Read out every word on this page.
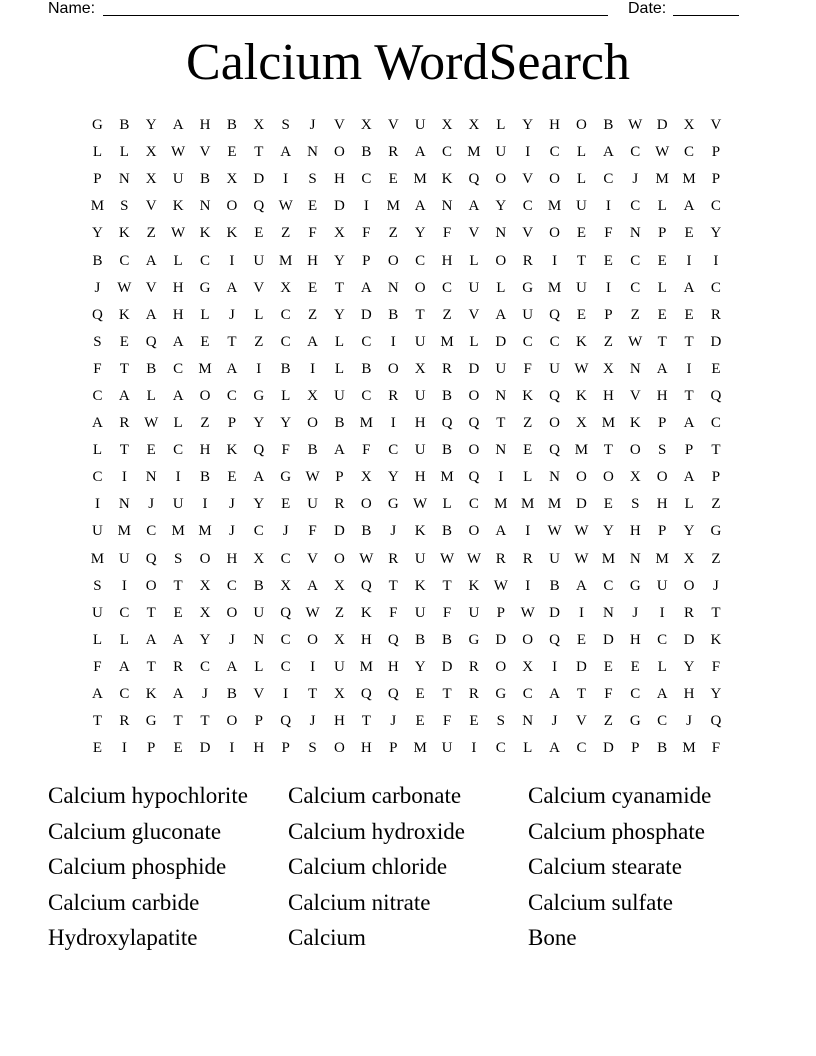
Name:	Date:
Calcium WordSearch
G	B	Y	A	H	B	X	S	J	V	X	V	U	X	X	L	Y	H	O	B W D	X	V
L	L	X W V	E	T	A	N	O	B	R	A	C	M U	I	C	L	A	C W C	P
P	N	X	U	B	X	D	I	S	H	C	E	M K	Q	O	V	O	L	C	J	M M	P
M	S	V	K	N	O	Q W	E	D	I	M A	N	A	Y	C	M U	I	C	L	A	C
Y	K	Z	W K	K	E	Z	F	X	F	Z	Y	F	V	N	V	O	E	F	N	P	E	Y
B	C	A	L	C	I	U M H	Y	P	O	C	H	L	O	R	I	T	E	C	E	I	I
J	W V	H	G	A	V	X	E	T	A	N	O	C	U	L	G M U	I	C	L	A	C
Q	K	A	H	L	J	L	C	Z	Y	D	B	T	Z	V	A	U	Q	E	P	Z	E	E	R
S	E	Q	A	E	T	Z	C	A	L	C	I	U M	L	D	C	C	K	Z	W	T	T	D
F	T	B	C	M A	I	B	I	L	B	O	X	R	D	U	F	U W X	N	A	I	E
C	A	L	A	O	C	G	L	X	U	C	R	U	B	O	N	K	Q	K	H	V	H	T	Q
A	R W	L	Z	P	Y	Y	O	B	M	I	H	Q	Q	T	Z	O	X M K	P	A	C
L	T	E	C	H	K	Q	F	B	A	F	C	U	B	O	N	E	Q M	T	O	S	P	T
C	I	N	I	B	E	A	G W	P	X	Y	H M Q	I	L	N	O	O	X	O	A	P
I	N	J	U	I	J	Y	E	U	R	O	G W	L	C	M M M D	E	S	H	L	Z
U M	C	M M	J	C	J	F	D	B	J	K	B	O	A	I	W W Y	H	P	Y	G
M U	Q	S	O	H	X	C	V	O W R	U W W R	R	U W M N M X	Z
S	I	O	T	X	C	B	X	A	X	Q	T	K	T	K W	I	B	A	C	G	U	O	J
U	C	T	E	X	O	U	Q W	Z	K	F	U	F	U	P	W D	I	N	J	I	R	T
L	L	A	A	Y	J	N	C	O	X	H	Q	B	B	G	D	O	Q	E	D	H	C	D	K
F	A	T	R	C	A	L	C	I	U M H	Y	D	R	O	X	I	D	E	E	L	Y	F
A	C	K	A	J	B	V	I	T	X	Q	Q	E	T	R	G	C	A	T	F	C	A	H	Y
T	R	G	T	T	O	P	Q	J	H	T	J	E	F	E	S	N	J	V	Z	G	C	J	Q
E	I	P	E	D	I	H	P	S	O	H	P	M U	I	C	L	A	C	D	P	B	M	F
Calcium hypochlorite	Calcium carbonate	Calcium cyanamide
Calcium gluconate	Calcium hydroxide	Calcium phosphate
Calcium phosphide	Calcium chloride	Calcium stearate
Calcium carbide	Calcium nitrate	Calcium sulfate
Hydroxylapatite	Calcium	Bone
